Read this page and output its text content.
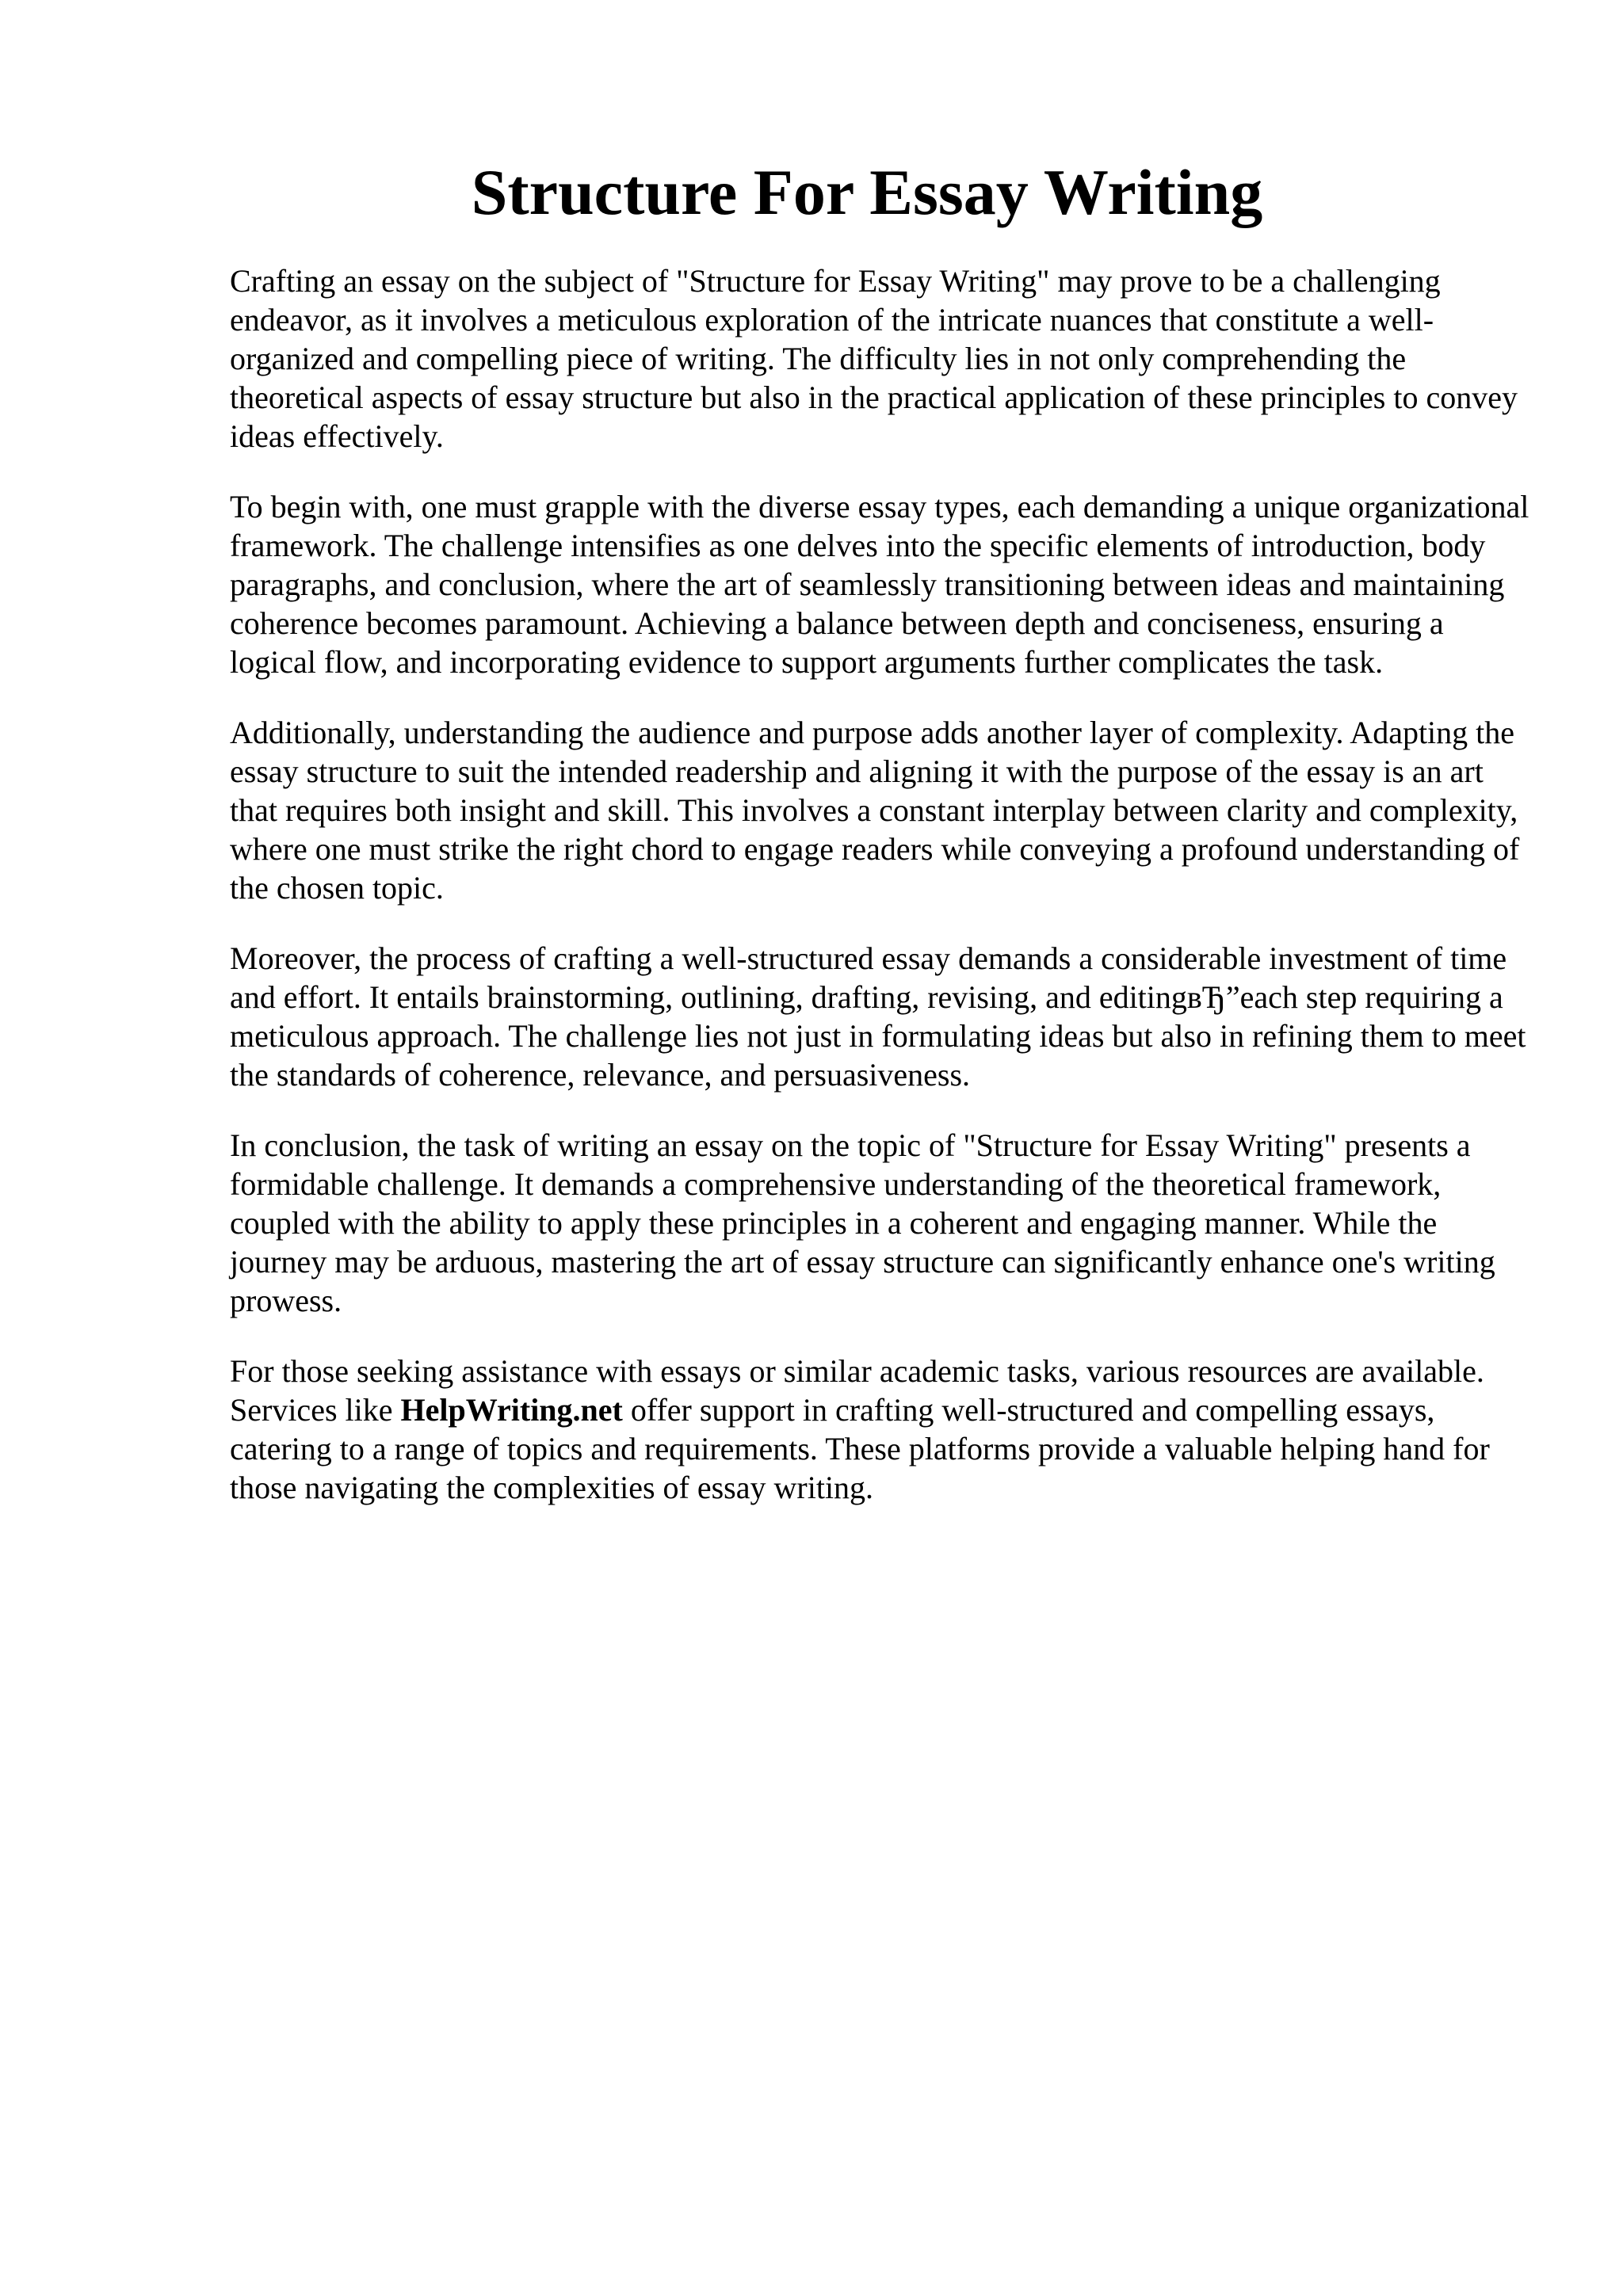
Structure For Essay Writing

Crafting an essay on the subject of "Structure for Essay Writing" may prove to be a challenging endeavor, as it involves a meticulous exploration of the intricate nuances that constitute a well-organized and compelling piece of writing. The difficulty lies in not only comprehending the theoretical aspects of essay structure but also in the practical application of these principles to convey ideas effectively.

To begin with, one must grapple with the diverse essay types, each demanding a unique organizational framework. The challenge intensifies as one delves into the specific elements of introduction, body paragraphs, and conclusion, where the art of seamlessly transitioning between ideas and maintaining coherence becomes paramount. Achieving a balance between depth and conciseness, ensuring a logical flow, and incorporating evidence to support arguments further complicates the task.

Additionally, understanding the audience and purpose adds another layer of complexity. Adapting the essay structure to suit the intended readership and aligning it with the purpose of the essay is an art that requires both insight and skill. This involves a constant interplay between clarity and complexity, where one must strike the right chord to engage readers while conveying a profound understanding of the chosen topic.

Moreover, the process of crafting a well-structured essay demands a considerable investment of time and effort. It entails brainstorming, outlining, drafting, revising, and editingвЂ”each step requiring a meticulous approach. The challenge lies not just in formulating ideas but also in refining them to meet the standards of coherence, relevance, and persuasiveness.

In conclusion, the task of writing an essay on the topic of "Structure for Essay Writing" presents a formidable challenge. It demands a comprehensive understanding of the theoretical framework, coupled with the ability to apply these principles in a coherent and engaging manner. While the journey may be arduous, mastering the art of essay structure can significantly enhance one's writing prowess.

For those seeking assistance with essays or similar academic tasks, various resources are available. Services like HelpWriting.net offer support in crafting well-structured and compelling essays, catering to a range of topics and requirements. These platforms provide a valuable helping hand for those navigating the complexities of essay writing.
